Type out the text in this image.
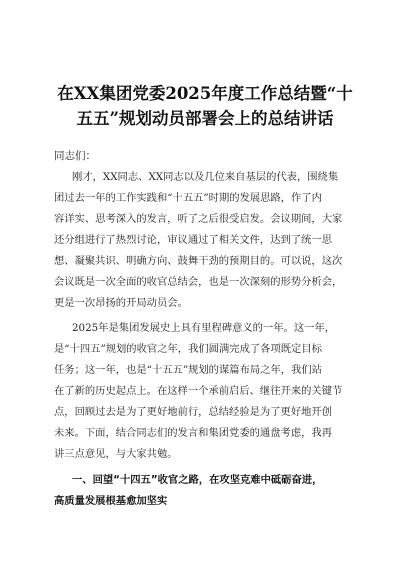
在XX集团党委2025年度工作总结暨“十
五五”规划动员部署会上的总结讲话
同志们：
刚才，XX同志、XX同志以及几位来自基层的代表，围绕集
团过去一年的工作实践和“十五五”时期的发展思路，作了内
容详实、思考深入的发言，听了之后很受启发。会议期间，大家
还分组进行了热烈讨论，审议通过了相关文件，达到了统一思
想、凝聚共识、明确方向、鼓舞干劲的预期目的。可以说，这次
会议既是一次全面的收官总结会，也是一次深刻的形势分析会，
更是一次昂扬的开局动员会。
2025年是集团发展史上具有里程碑意义的一年。这一年，
是“十四五”规划的收官之年，我们圆满完成了各项既定目标
任务；这一年，也是“十五五”规划的谋篇布局之年，我们站
在了新的历史起点上。在这样一个承前启后、继往开来的关键节
点，回顾过去是为了更好地前行，总结经验是为了更好地开创
未来。下面，结合同志们的发言和集团党委的通盘考虑，我再
讲三点意见，与大家共勉。
一、回望“十四五”收官之路，在攻坚克难中砥砺奋进，
高质量发展根基愈加坚实
